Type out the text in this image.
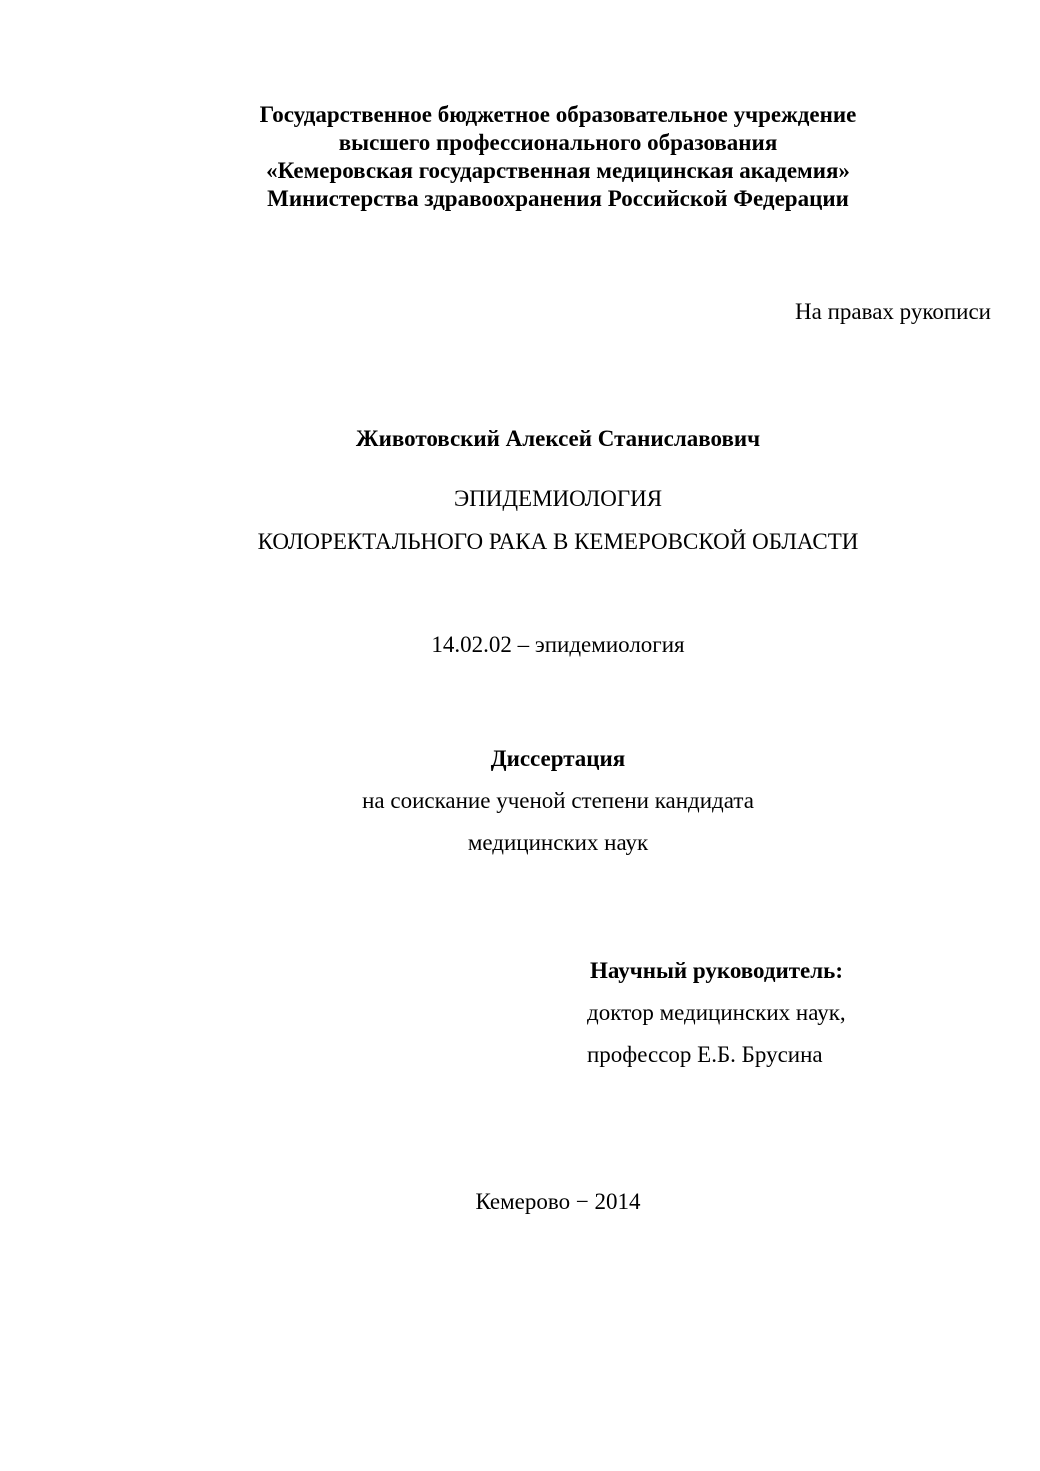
Государственное бюджетное образовательное учреждение
высшего профессионального образования
«Кемеровская государственная медицинская академия»
Министерства здравоохранения Российской Федерации
На правах рукописи
Животовский Алексей Станиславович
ЭПИДЕМИОЛОГИЯ
КОЛОРЕКТАЛЬНОГО РАКА В КЕМЕРОВСКОЙ ОБЛАСТИ
14.02.02 – эпидемиология
Диссертация
на соискание ученой степени кандидата
медицинских наук
Научный руководитель:
доктор медицинских наук,
профессор Е.Б. Брусина
Кемерово − 2014
